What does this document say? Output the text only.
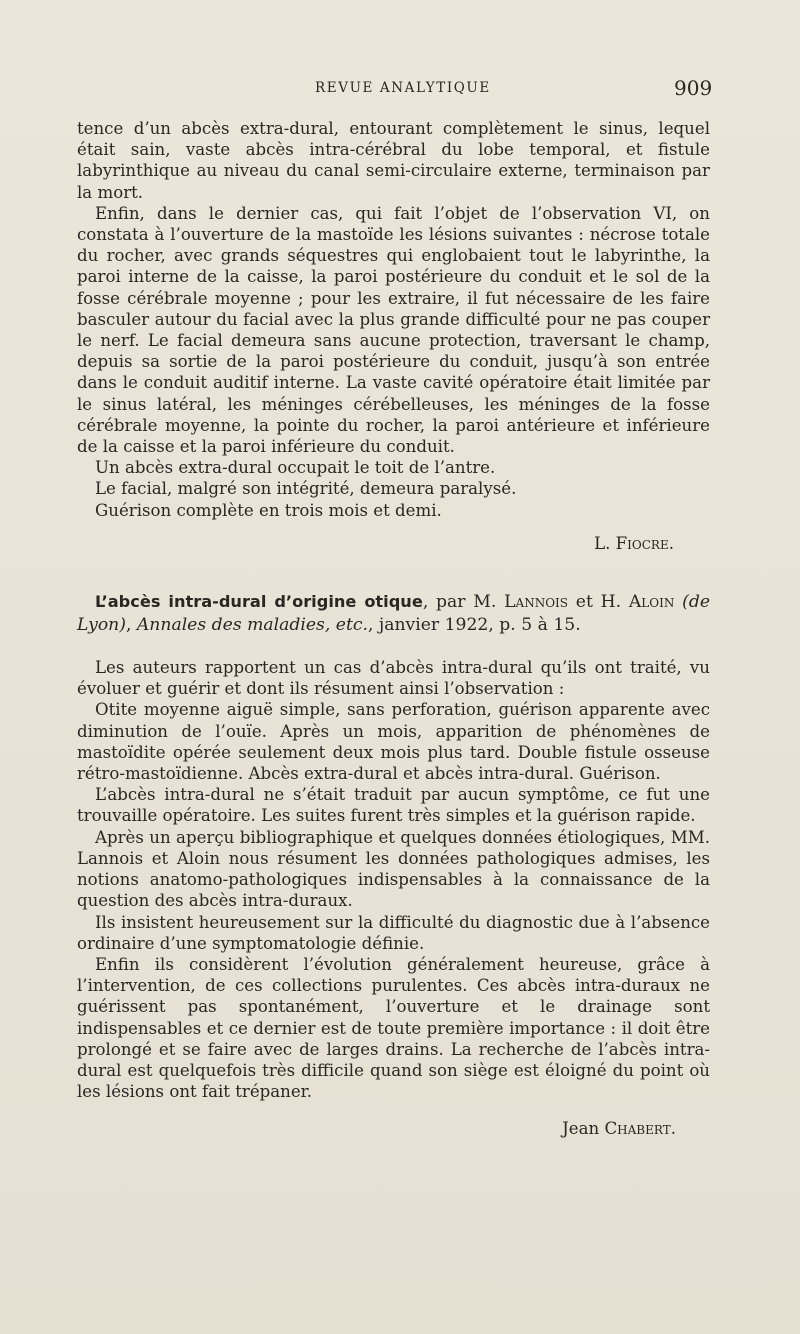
REVUE ANALYTIQUE	909

tence d’un abcès extra-dural, entourant complètement le sinus, lequel était sain, vaste abcès intra-cérébral du lobe temporal, et fistule labyrinthique au niveau du canal semi-circulaire externe, terminaison par la mort.

Enfin, dans le dernier cas, qui fait l’objet de l’observation VI, on constata à l’ouverture de la mastoïde les lésions suivantes : nécrose totale du rocher, avec grands séquestres qui englobaient tout le labyrinthe, la paroi interne de la caisse, la paroi postérieure du conduit et le sol de la fosse cérébrale moyenne ; pour les extraire, il fut nécessaire de les faire basculer autour du facial avec la plus grande difficulté pour ne pas couper le nerf. Le facial demeura sans aucune protection, traversant le champ, depuis sa sortie de la paroi postérieure du conduit, jusqu’à son entrée dans le conduit auditif interne. La vaste cavité opératoire était limitée par le sinus latéral, les méninges cérébelleuses, les méninges de la fosse cérébrale moyenne, la pointe du rocher, la paroi antérieure et inférieure de la caisse et la paroi inférieure du conduit.

Un abcès extra-dural occupait le toit de l’antre.

Le facial, malgré son intégrité, demeura paralysé.

Guérison complète en trois mois et demi.

L. Fiocre.

L’abcès intra-dural d’origine otique, par M. Lannois et H. Aloin (de Lyon), Annales des maladies, etc., janvier 1922, p. 5 à 15.

Les auteurs rapportent un cas d’abcès intra-dural qu’ils ont traité, vu évoluer et guérir et dont ils résument ainsi l’observation :

Otite moyenne aiguë simple, sans perforation, guérison apparente avec diminution de l’ouïe. Après un mois, apparition de phénomènes de mastoïdite opérée seulement deux mois plus tard. Double fistule osseuse rétro-mastoïdienne. Abcès extra-dural et abcès intra-dural. Guérison.

L’abcès intra-dural ne s’était traduit par aucun symptôme, ce fut une trouvaille opératoire. Les suites furent très simples et la guérison rapide.

Après un aperçu bibliographique et quelques données étiologiques, MM. Lannois et Aloin nous résument les données pathologiques admises, les notions anatomo-pathologiques indispensables à la connaissance de la question des abcès intra-duraux.

Ils insistent heureusement sur la difficulté du diagnostic due à l’absence ordinaire d’une symptomatologie définie.

Enfin ils considèrent l’évolution généralement heureuse, grâce à l’intervention, de ces collections purulentes. Ces abcès intra-duraux ne guérissent pas spontanément, l’ouverture et le drainage sont indispensables et ce dernier est de toute première importance : il doit être prolongé et se faire avec de larges drains. La recherche de l’abcès intra-dural est quelquefois très difficile quand son siège est éloigné du point où les lésions ont fait trépaner.

Jean Chabert.
